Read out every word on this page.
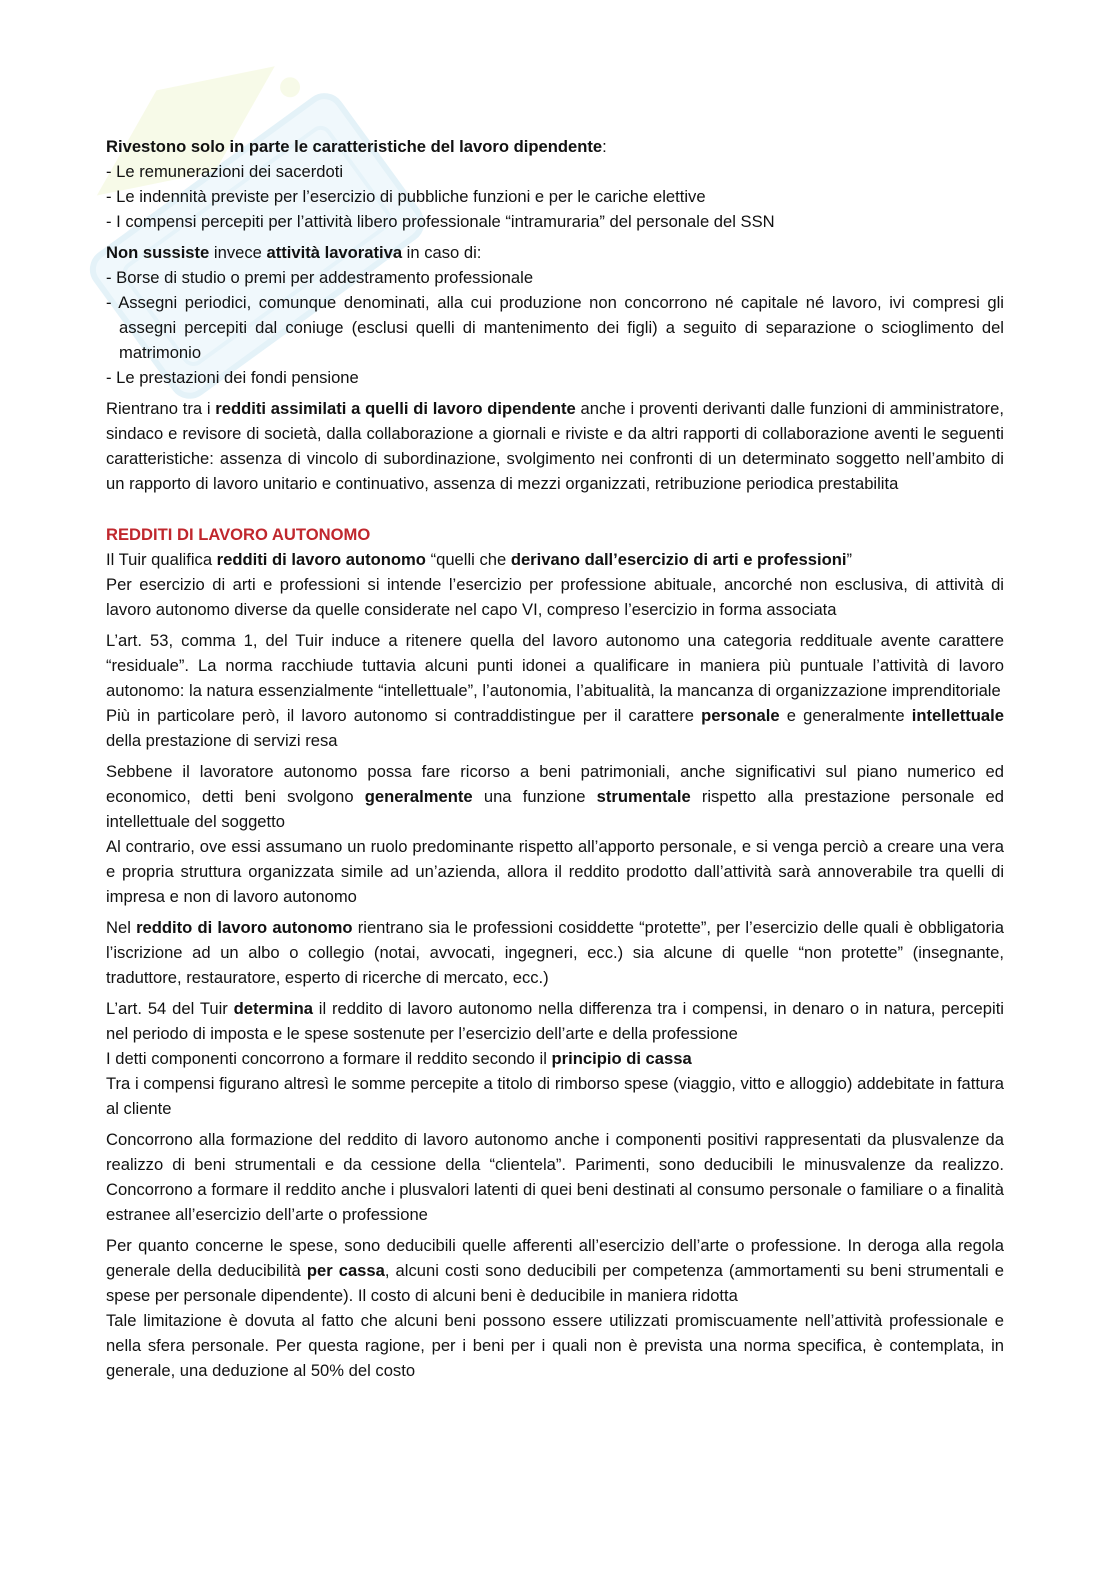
Rivestono solo in parte le caratteristiche del lavoro dipendente:

- Le remunerazioni dei sacerdoti

- Le indennità previste per l’esercizio di pubbliche funzioni e per le cariche elettive

- I compensi percepiti per l’attività libero professionale “intramuraria” del personale del SSN

Non sussiste invece attività lavorativa in caso di:

- Borse di studio o premi per addestramento professionale

- Assegni periodici, comunque denominati, alla cui produzione non concorrono né capitale né lavoro, ivi compresi gli assegni percepiti dal coniuge (esclusi quelli di mantenimento dei figli) a seguito di separazione o scioglimento del matrimonio

- Le prestazioni dei fondi pensione

Rientrano tra i redditi assimilati a quelli di lavoro dipendente anche i proventi derivanti dalle funzioni di amministratore, sindaco e revisore di società, dalla collaborazione a giornali e riviste e da altri rapporti di collaborazione aventi le seguenti caratteristiche: assenza di vincolo di subordinazione, svolgimento nei confronti di un determinato soggetto nell’ambito di un rapporto di lavoro unitario e continuativo, assenza di mezzi organizzati, retribuzione periodica prestabilita

REDDITI DI LAVORO AUTONOMO

Il Tuir qualifica redditi di lavoro autonomo “quelli che derivano dall’esercizio di arti e professioni”

Per esercizio di arti e professioni si intende l’esercizio per professione abituale, ancorché non esclusiva, di attività di lavoro autonomo diverse da quelle considerate nel capo VI, compreso l’esercizio in forma associata

L’art. 53, comma 1, del Tuir induce a ritenere quella del lavoro autonomo una categoria reddituale avente carattere “residuale”. La norma racchiude tuttavia alcuni punti idonei a qualificare in maniera più puntuale l’attività di lavoro autonomo: la natura essenzialmente “intellettuale”, l’autonomia, l’abitualità, la mancanza di organizzazione imprenditoriale

Più in particolare però, il lavoro autonomo si contraddistingue per il carattere personale e generalmente intellettuale della prestazione di servizi resa

Sebbene il lavoratore autonomo possa fare ricorso a beni patrimoniali, anche significativi sul piano numerico ed economico, detti beni svolgono generalmente una funzione strumentale rispetto alla prestazione personale ed intellettuale del soggetto

Al contrario, ove essi assumano un ruolo predominante rispetto all’apporto personale, e si venga perciò a creare una vera e propria struttura organizzata simile ad un’azienda, allora il reddito prodotto dall’attività sarà annoverabile tra quelli di impresa e non di lavoro autonomo

Nel reddito di lavoro autonomo rientrano sia le professioni cosiddette “protette”, per l’esercizio delle quali è obbligatoria l’iscrizione ad un albo o collegio (notai, avvocati, ingegneri, ecc.) sia alcune di quelle “non protette” (insegnante, traduttore, restauratore, esperto di ricerche di mercato, ecc.)

L’art. 54 del Tuir determina il reddito di lavoro autonomo nella differenza tra i compensi, in denaro o in natura, percepiti nel periodo di imposta e le spese sostenute per l’esercizio dell’arte e della professione

I detti componenti concorrono a formare il reddito secondo il principio di cassa

Tra i compensi figurano altresì le somme percepite a titolo di rimborso spese (viaggio, vitto e alloggio) addebitate in fattura al cliente

Concorrono alla formazione del reddito di lavoro autonomo anche i componenti positivi rappresentati da plusvalenze da realizzo di beni strumentali e da cessione della “clientela”. Parimenti, sono deducibili le minusvalenze da realizzo. Concorrono a formare il reddito anche i plusvalori latenti di quei beni destinati al consumo personale o familiare o a finalità estranee all’esercizio dell’arte o professione

Per quanto concerne le spese, sono deducibili quelle afferenti all’esercizio dell’arte o professione. In deroga alla regola generale della deducibilità per cassa, alcuni costi sono deducibili per competenza (ammortamenti su beni strumentali e spese per personale dipendente). Il costo di alcuni beni è deducibile in maniera ridotta

Tale limitazione è dovuta al fatto che alcuni beni possono essere utilizzati promiscuamente nell’attività professionale e nella sfera personale. Per questa ragione, per i beni per i quali non è prevista una norma specifica, è contemplata, in generale, una deduzione al 50% del costo
